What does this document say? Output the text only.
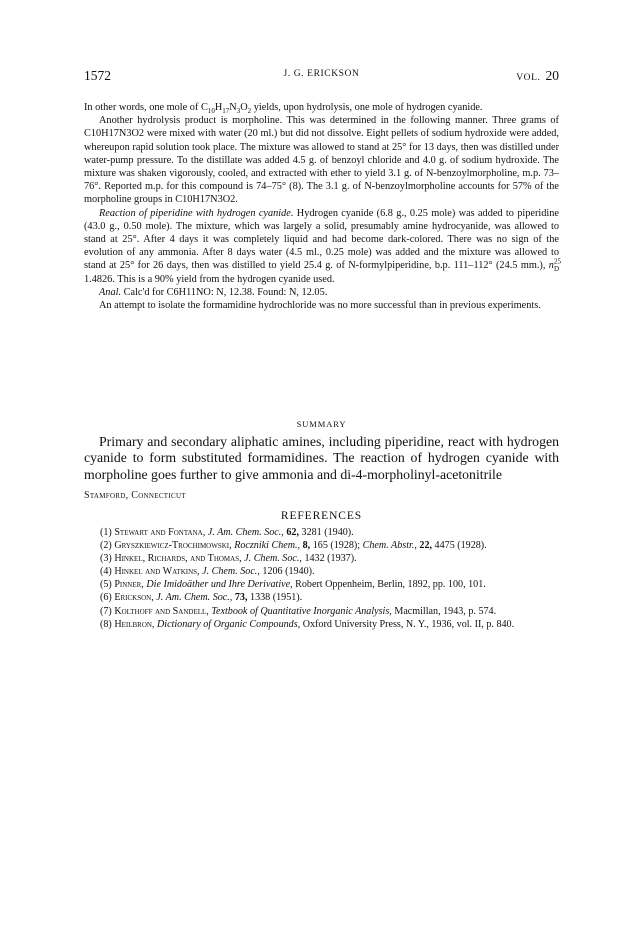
1572	J. G. ERICKSON	VOL. 20

In other words, one mole of $C_{10}H_{17}N_3O_2$ yields, upon hydrolysis, one mole of hydrogen cyanide.

Another hydrolysis product is morpholine. This was determined in the following manner. Three grams of C10H17N3O2 were mixed with water (20 ml.) but did not dissolve. Eight pellets of sodium hydroxide were added, whereupon rapid solution took place. The mixture was allowed to stand at 25° for 13 days, then was distilled under water-pump pressure. To the distillate was added 4.5 g. of benzoyl chloride and 4.0 g. of sodium hydroxide. The mixture was shaken vigorously, cooled, and extracted with ether to yield 3.1 g. of N-benzoylmorpholine, m.p. 73–76°. Reported m.p. for this compound is 74–75° (8). The 3.1 g. of N-benzoylmorpholine accounts for 57% of the morpholine groups in C10H17N3O2.

Reaction of piperidine with hydrogen cyanide. Hydrogen cyanide (6.8 g., 0.25 mole) was added to piperidine (43.0 g., 0.50 mole). The mixture, which was largely a solid, presumably amine hydrocyanide, was allowed to stand at 25°. After 4 days it was completely liquid and had become dark-colored. There was no sign of the evolution of any ammonia. After 8 days water (4.5 ml., 0.25 mole) was added and the mixture was allowed to stand at 25° for 26 days, then was distilled to yield 25.4 g. of N-formylpiperidine, b.p. 111–112° (24.5 mm.), $n^{25}_D$ 1.4826. This is a 90% yield from the hydrogen cyanide used.

Anal. Calc'd for C6H11NO: N, 12.38. Found: N, 12.05.

An attempt to isolate the formamidine hydrochloride was no more successful than in previous experiments.

SUMMARY

Primary and secondary aliphatic amines, including piperidine, react with hydrogen cyanide to form substituted formamidines. The reaction of hydrogen cyanide with morpholine goes further to give ammonia and di-4-morpholinyl-acetonitrile

Stamford, Connecticut
REFERENCES
(1) Stewart and Fontana, J. Am. Chem. Soc., 62, 3281 (1940).
(2) Gryszkiewicz-Trochimowski, Roczniki Chem., 8, 165 (1928); Chem. Abstr., 22, 4475 (1928).
(3) Hinkel, Richards, and Thomas, J. Chem. Soc., 1432 (1937).
(4) Hinkel and Watkins, J. Chem. Soc., 1206 (1940).
(5) Pinner, Die Imidoäther und Ihre Derivative, Robert Oppenheim, Berlin, 1892, pp. 100, 101.
(6) Erickson, J. Am. Chem. Soc., 73, 1338 (1951).
(7) Kolthoff and Sandell, Textbook of Quantitative Inorganic Analysis, Macmillan, 1943, p. 574.
(8) Heilbron, Dictionary of Organic Compounds, Oxford University Press, N. Y., 1936, vol. II, p. 840.
